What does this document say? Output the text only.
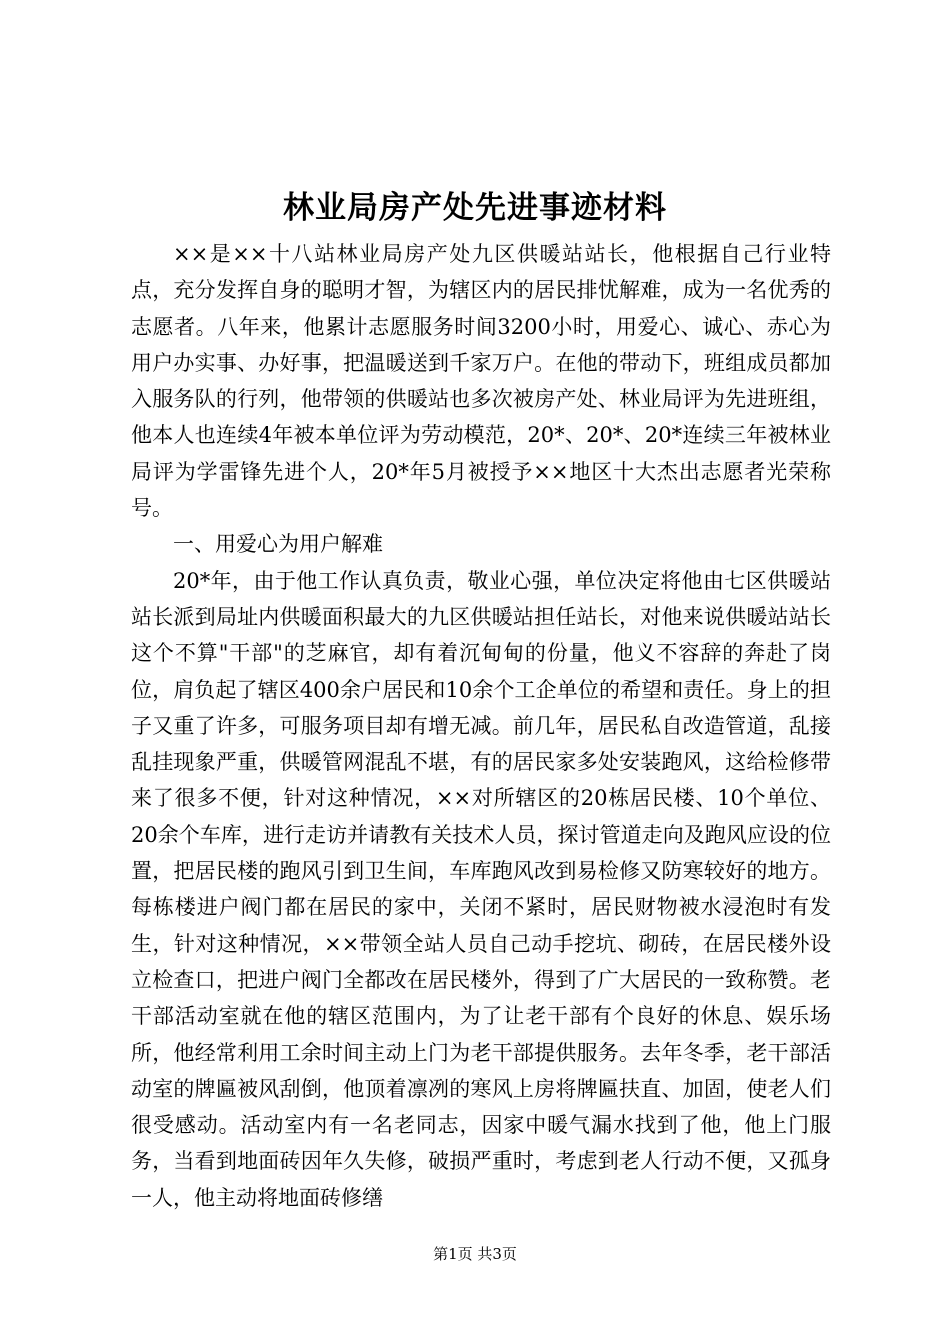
林业局房产处先进事迹材料

××是××十八站林业局房产处九区供暖站站长，他根据自己行业特点，充分发挥自身的聪明才智，为辖区内的居民排忧解难，成为一名优秀的志愿者。八年来，他累计志愿服务时间3200小时，用爱心、诚心、赤心为用户办实事、办好事，把温暖送到千家万户。在他的带动下，班组成员都加入服务队的行列，他带领的供暖站也多次被房产处、林业局评为先进班组，他本人也连续4年被本单位评为劳动模范，20*、20*、20*连续三年被林业局评为学雷锋先进个人，20*年5月被授予××地区十大杰出志愿者光荣称号。

一、用爱心为用户解难

20*年，由于他工作认真负责，敬业心强，单位决定将他由七区供暖站站长派到局址内供暖面积最大的九区供暖站担任站长，对他来说供暖站站长这个不算"干部"的芝麻官，却有着沉甸甸的份量，他义不容辞的奔赴了岗位，肩负起了辖区400余户居民和10余个工企单位的希望和责任。身上的担子又重了许多，可服务项目却有增无减。前几年，居民私自改造管道，乱接乱挂现象严重，供暖管网混乱不堪，有的居民家多处安装跑风，这给检修带来了很多不便，针对这种情况，××对所辖区的20栋居民楼、10个单位、20余个车库，进行走访并请教有关技术人员，探讨管道走向及跑风应设的位置，把居民楼的跑风引到卫生间，车库跑风改到易检修又防寒较好的地方。每栋楼进户阀门都在居民的家中，关闭不紧时，居民财物被水浸泡时有发生，针对这种情况，××带领全站人员自己动手挖坑、砌砖，在居民楼外设立检查口，把进户阀门全都改在居民楼外，得到了广大居民的一致称赞。老干部活动室就在他的辖区范围内，为了让老干部有个良好的休息、娱乐场所，他经常利用工余时间主动上门为老干部提供服务。去年冬季，老干部活动室的牌匾被风刮倒，他顶着凛冽的寒风上房将牌匾扶直、加固，使老人们很受感动。活动室内有一名老同志，因家中暖气漏水找到了他，他上门服务，当看到地面砖因年久失修，破损严重时，考虑到老人行动不便，又孤身一人，他主动将地面砖修缮

第1页 共3页
